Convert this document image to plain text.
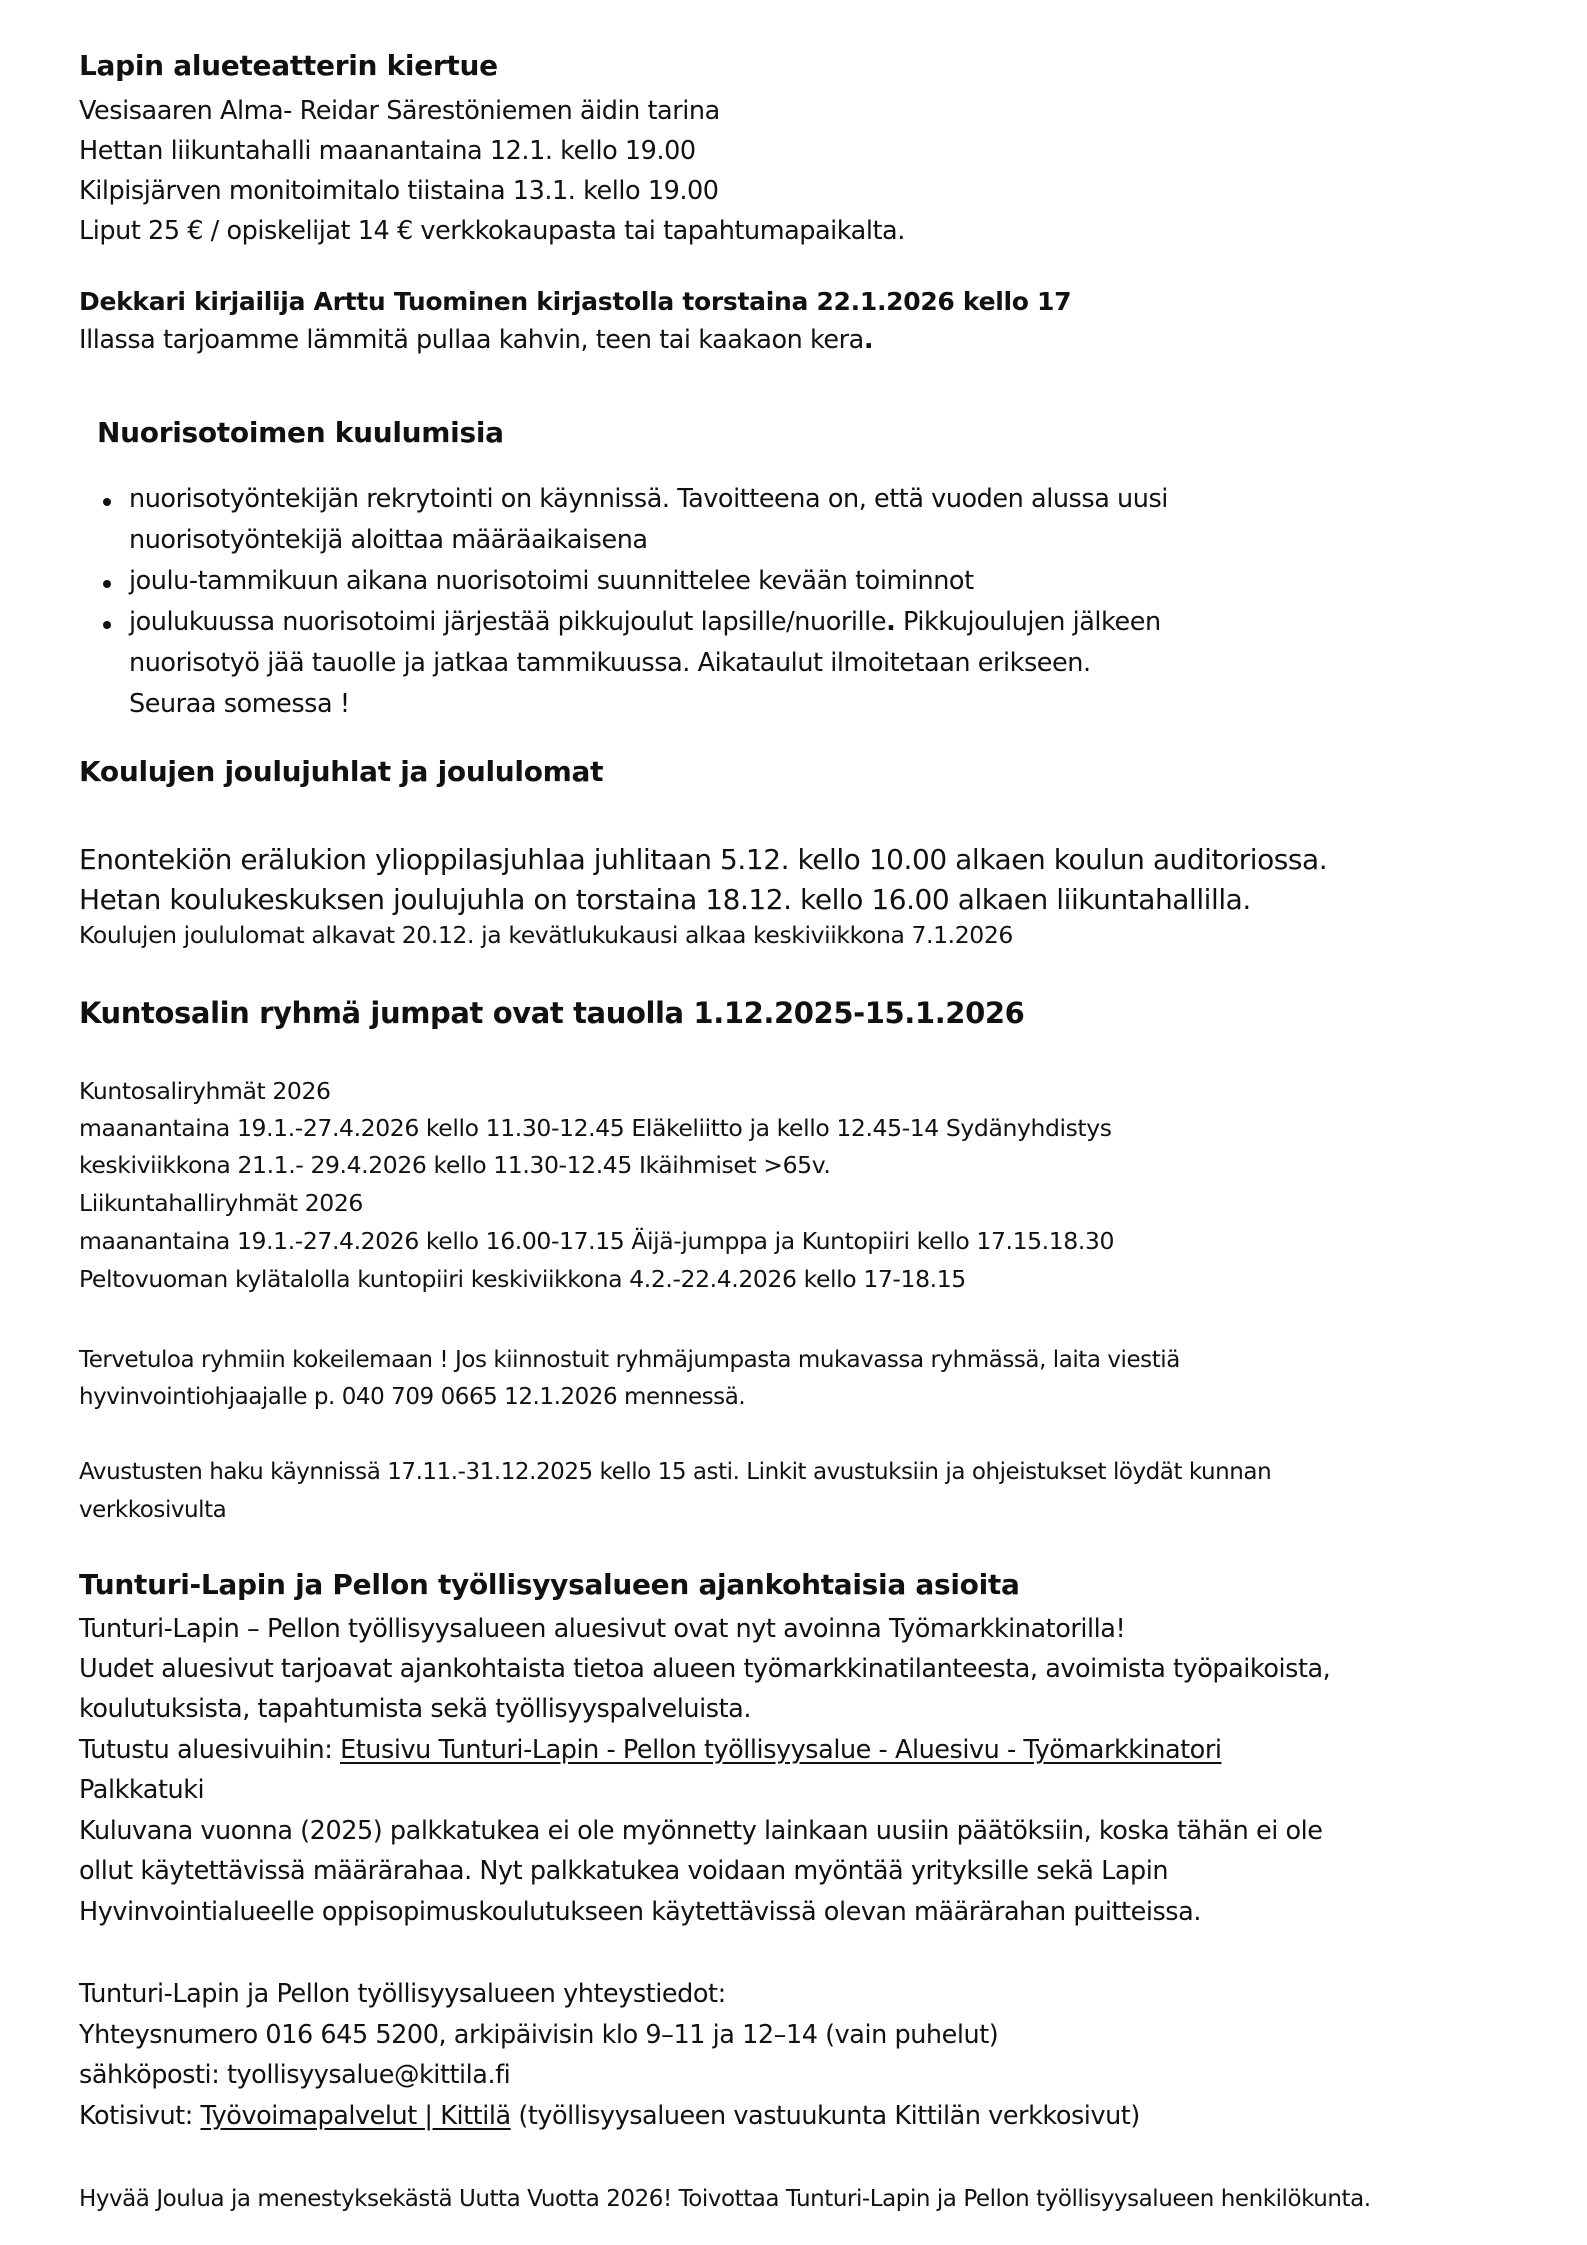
Lapin alueteatterin kiertue
Vesisaaren Alma- Reidar Särestöniemen äidin tarina
Hettan liikuntahalli maanantaina 12.1. kello 19.00
Kilpisjärven monitoimitalo tiistaina 13.1. kello 19.00
Liput 25 € / opiskelijat 14 € verkkokaupasta tai tapahtumapaikalta.
Dekkari kirjailija Arttu Tuominen kirjastolla torstaina 22.1.2026 kello 17
Illassa tarjoamme lämmitä pullaa kahvin, teen tai kaakaon kera.
Nuorisotoimen kuulumisia
nuorisotyöntekijän rekrytointi on käynnissä. Tavoitteena on, että vuoden alussa uusi
nuorisotyöntekijä aloittaa määräaikaisena
joulu-tammikuun aikana nuorisotoimi suunnittelee kevään toiminnot
joulukuussa nuorisotoimi järjestää pikkujoulut lapsille/nuorille. Pikkujoulujen jälkeen
nuorisotyö jää tauolle ja jatkaa tammikuussa. Aikataulut ilmoitetaan erikseen.
Seuraa somessa !
Koulujen joulujuhlat ja joululomat
Enontekiön erälukion ylioppilasjuhlaa juhlitaan 5.12. kello 10.00 alkaen koulun auditoriossa.
Hetan koulukeskuksen joulujuhla on torstaina 18.12. kello 16.00 alkaen liikuntahallilla.
Koulujen joululomat alkavat 20.12. ja kevätlukukausi alkaa keskiviikkona 7.1.2026
Kuntosalin ryhmä jumpat ovat tauolla 1.12.2025-15.1.2026
Kuntosaliryhmät 2026
maanantaina 19.1.-27.4.2026 kello 11.30-12.45 Eläkeliitto ja kello 12.45-14 Sydänyhdistys
keskiviikkona 21.1.- 29.4.2026 kello 11.30-12.45 Ikäihmiset >65v.
Liikuntahalliryhmät 2026
maanantaina 19.1.-27.4.2026 kello 16.00-17.15 Äijä-jumppa ja Kuntopiiri kello 17.15.18.30
Peltovuoman kylätalolla kuntopiiri keskiviikkona 4.2.-22.4.2026 kello 17-18.15
Tervetuloa ryhmiin kokeilemaan ! Jos kiinnostuit ryhmäjumpasta mukavassa ryhmässä, laita viestiä
hyvinvointiohjaajalle p. 040 709 0665 12.1.2026 mennessä.
Avustusten haku käynnissä 17.11.-31.12.2025 kello 15 asti. Linkit avustuksiin ja ohjeistukset löydät kunnan
verkkosivulta
Tunturi-Lapin ja Pellon työllisyysalueen ajankohtaisia asioita
Tunturi-Lapin – Pellon työllisyysalueen aluesivut ovat nyt avoinna Työmarkkinatorilla!
Uudet aluesivut tarjoavat ajankohtaista tietoa alueen työmarkkinatilanteesta, avoimista työpaikoista,
koulutuksista, tapahtumista sekä työllisyyspalveluista.
Tutustu aluesivuihin: Etusivu Tunturi-Lapin - Pellon työllisyysalue - Aluesivu - Työmarkkinatori
Palkkatuki
Kuluvana vuonna (2025) palkkatukea ei ole myönnetty lainkaan uusiin päätöksiin, koska tähän ei ole
ollut käytettävissä määrärahaa. Nyt palkkatukea voidaan myöntää yrityksille sekä Lapin
Hyvinvointialueelle oppisopimuskoulutukseen käytettävissä olevan määrärahan puitteissa.
Tunturi-Lapin ja Pellon työllisyysalueen yhteystiedot:
Yhteysnumero 016 645 5200, arkipäivisin klo 9–11 ja 12–14 (vain puhelut)
sähköposti: tyollisyysalue@kittila.fi
Kotisivut: Työvoimapalvelut | Kittilä (työllisyysalueen vastuukunta Kittilän verkkosivut)
Hyvää Joulua ja menestyksekästä Uutta Vuotta 2026! Toivottaa Tunturi-Lapin ja Pellon työllisyysalueen henkilökunta.
